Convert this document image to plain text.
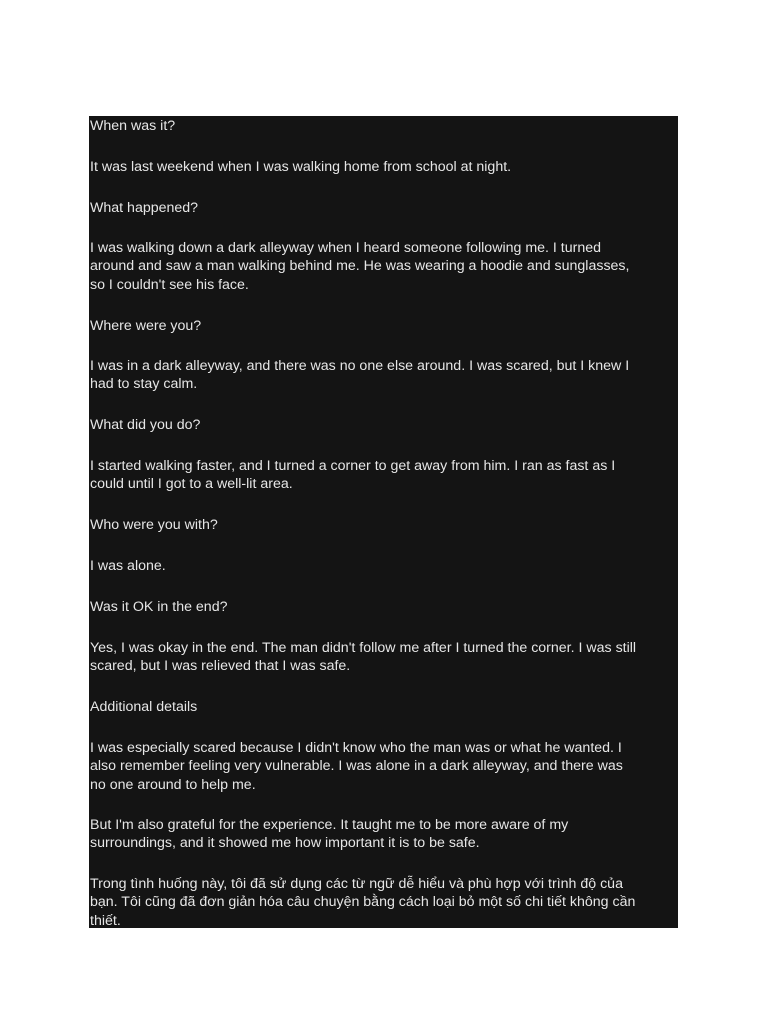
When was it?

It was last weekend when I was walking home from school at night.

What happened?

I was walking down a dark alleyway when I heard someone following me. I turned
around and saw a man walking behind me. He was wearing a hoodie and sunglasses,
so I couldn't see his face.

Where were you?

I was in a dark alleyway, and there was no one else around. I was scared, but I knew I
had to stay calm.

What did you do?

I started walking faster, and I turned a corner to get away from him. I ran as fast as I
could until I got to a well-lit area.

Who were you with?

I was alone.

Was it OK in the end?

Yes, I was okay in the end. The man didn't follow me after I turned the corner. I was still
scared, but I was relieved that I was safe.

Additional details

I was especially scared because I didn't know who the man was or what he wanted. I
also remember feeling very vulnerable. I was alone in a dark alleyway, and there was
no one around to help me.

But I'm also grateful for the experience. It taught me to be more aware of my
surroundings, and it showed me how important it is to be safe.

Trong tình huống này, tôi đã sử dụng các từ ngữ dễ hiểu và phù hợp với trình độ của
bạn. Tôi cũng đã đơn giản hóa câu chuyện bằng cách loại bỏ một số chi tiết không cần
thiết.
